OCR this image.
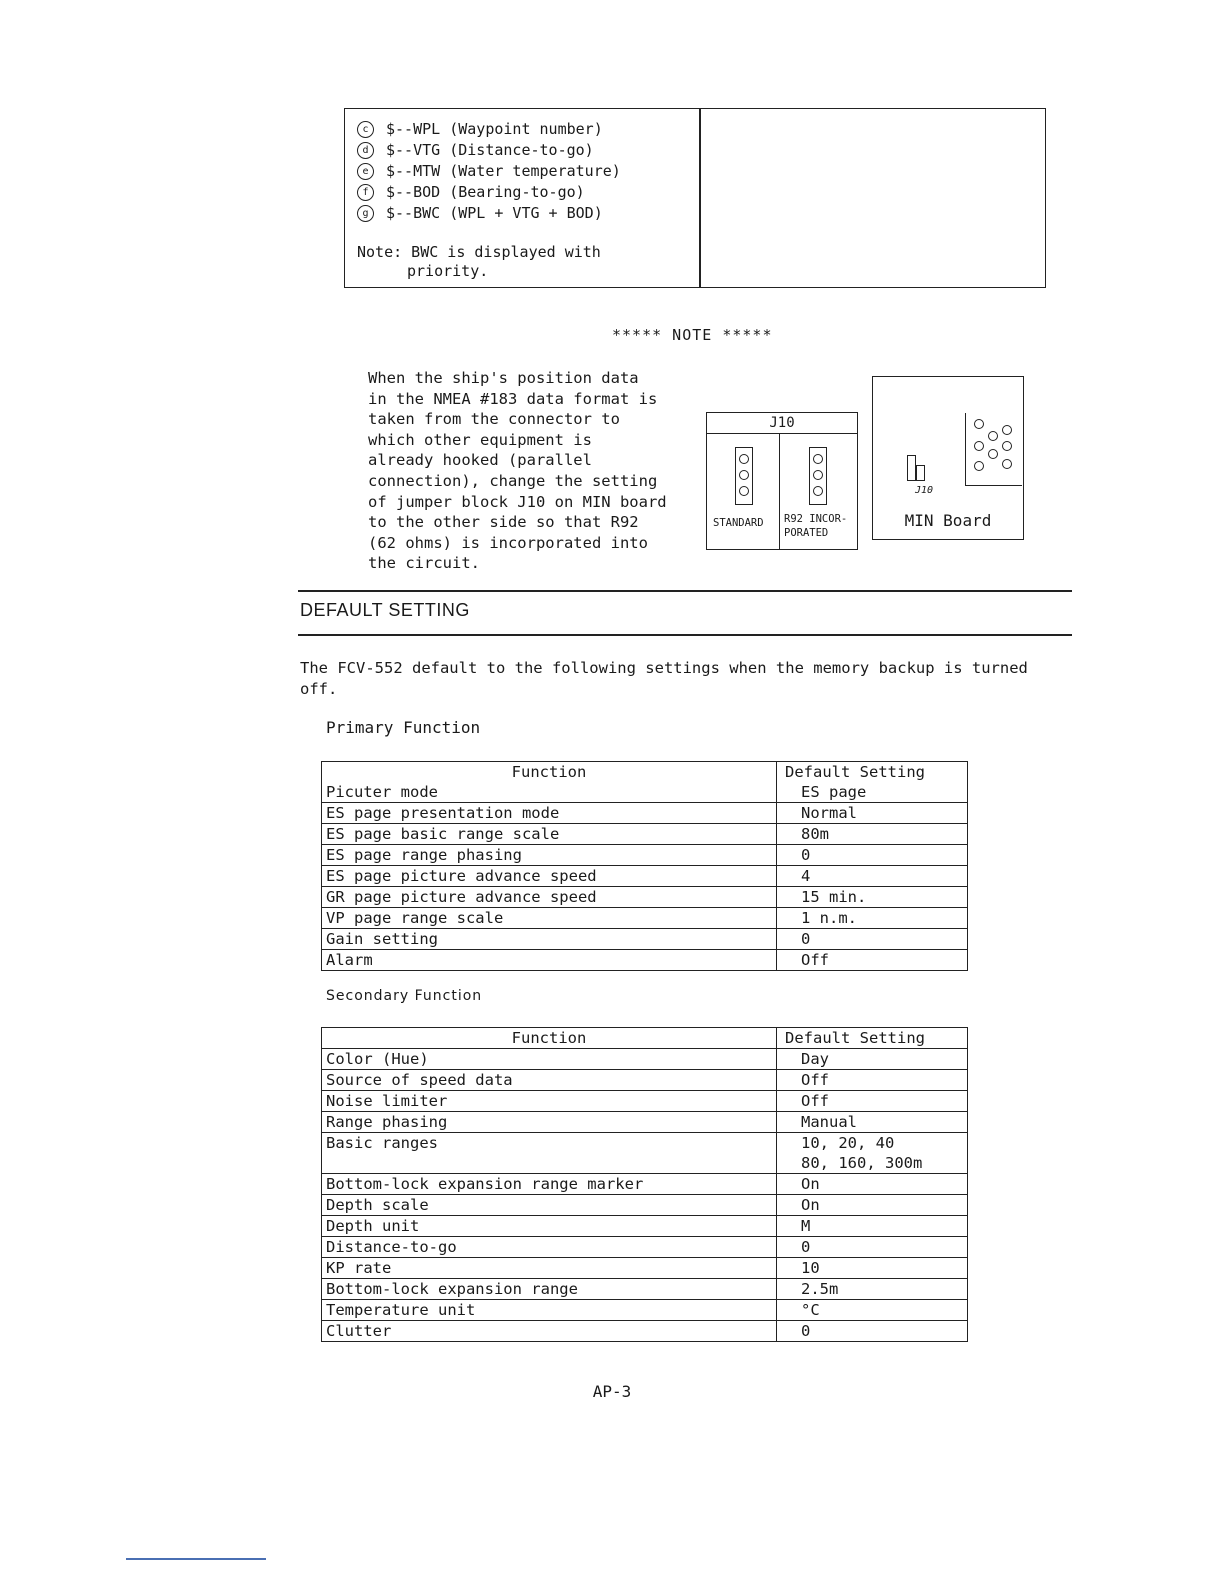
c	$--WPL (Waypoint number)
d	$--VTG (Distance-to-go)
e	$--MTW (Water temperature)
f	$--BOD (Bearing-to-go)
g	$--BWC (WPL + VTG + BOD)
Note: BWC is displayed with
priority.
***** NOTE *****
When the ship's position data
in the NMEA #183 data format is
taken from the connector to
which other equipment is
already hooked (parallel
connection), change the setting
of jumper block J10 on MIN board
to the other side so that R92
(62 ohms) is incorporated into
the circuit.
J10
STANDARD R92 INCOR-
PORATED
J10
MIN Board
DEFAULT SETTING
The FCV-552 default to the following settings when the memory backup is turned off.
Primary Function
Function	Default Setting
Picuter mode	ES page
ES page presentation mode	Normal
ES page basic range scale	80m
ES page range phasing	0
ES page picture advance speed	4
GR page picture advance speed	15 min.
VP page range scale	1 n.m.
Gain setting	0
Alarm	Off
Secondary Function
Function	Default Setting
Color (Hue)	Day
Source of speed data	Off
Noise limiter	Off
Range phasing	Manual
Basic ranges	10, 20, 40
	80, 160, 300m
Bottom-lock expansion range marker	On
Depth scale	On
Depth unit	M
Distance-to-go	0
KP rate	10
Bottom-lock expansion range	2.5m
Temperature unit	°C
Clutter	0
AP-3
